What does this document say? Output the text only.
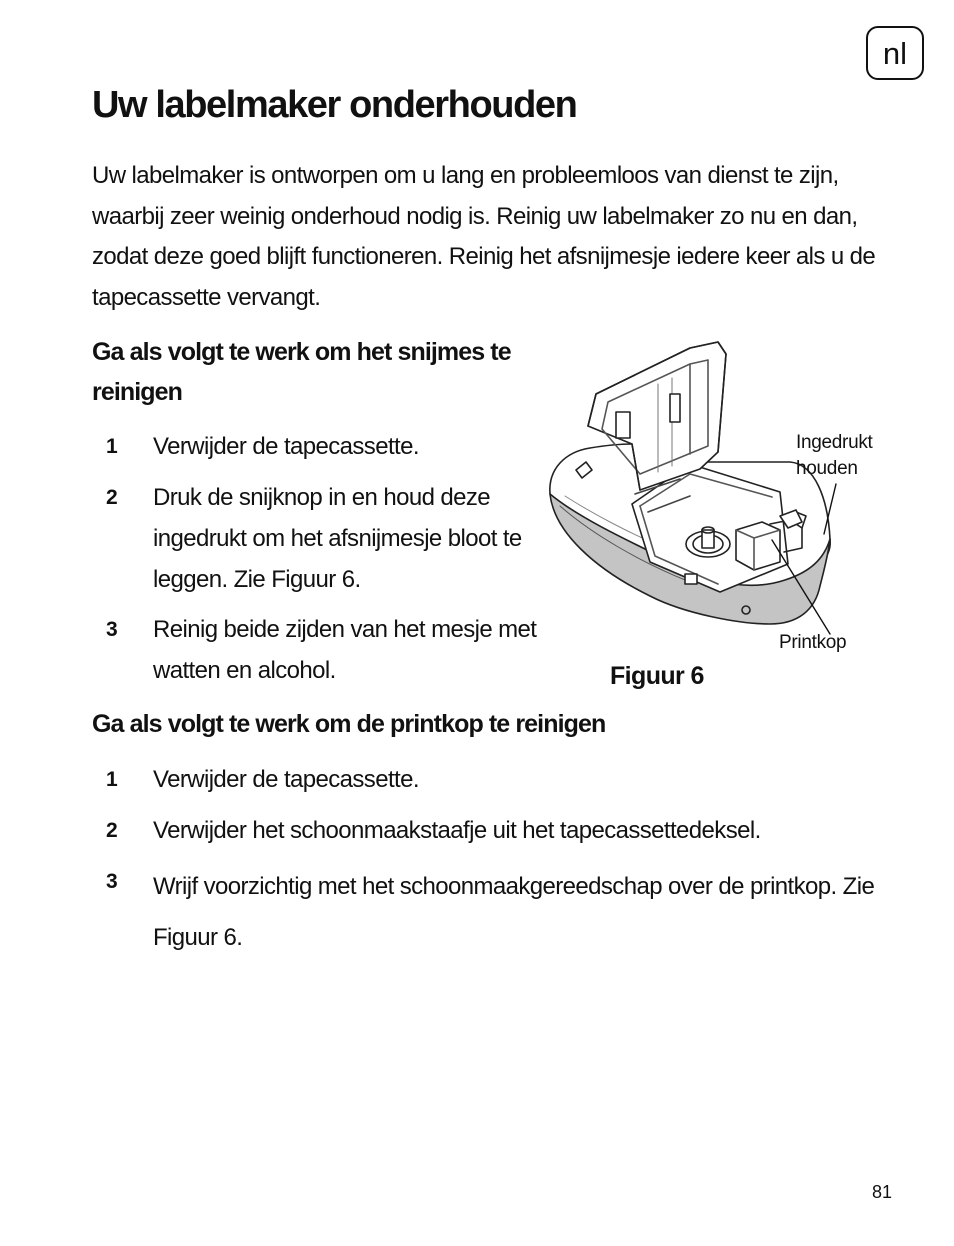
nl
Uw labelmaker onderhouden

Uw labelmaker is ontworpen om u lang en probleemloos van dienst te zijn, waarbij zeer weinig onderhoud nodig is. Reinig uw labelmaker zo nu en dan, zodat deze goed blijft functioneren. Reinig het afsnijmesje iedere keer als u de tapecassette vervangt.

Ga als volgt te werk om het snijmes te reinigen
1 Verwijder de tapecassette.
2 Druk de snijknop in en houd deze ingedrukt om het afsnijmesje bloot te leggen. Zie Figuur 6.
3 Reinig beide zijden van het mesje met watten en alcohol.
Ingedrukt houden
Printkop
Figuur 6
Ga als volgt te werk om de printkop te reinigen
1 Verwijder de tapecassette.
2 Verwijder het schoonmaakstaafje uit het tapecassettedeksel.
3 Wrijf voorzichtig met het schoonmaakgereedschap over de printkop. Zie Figuur 6.
81
